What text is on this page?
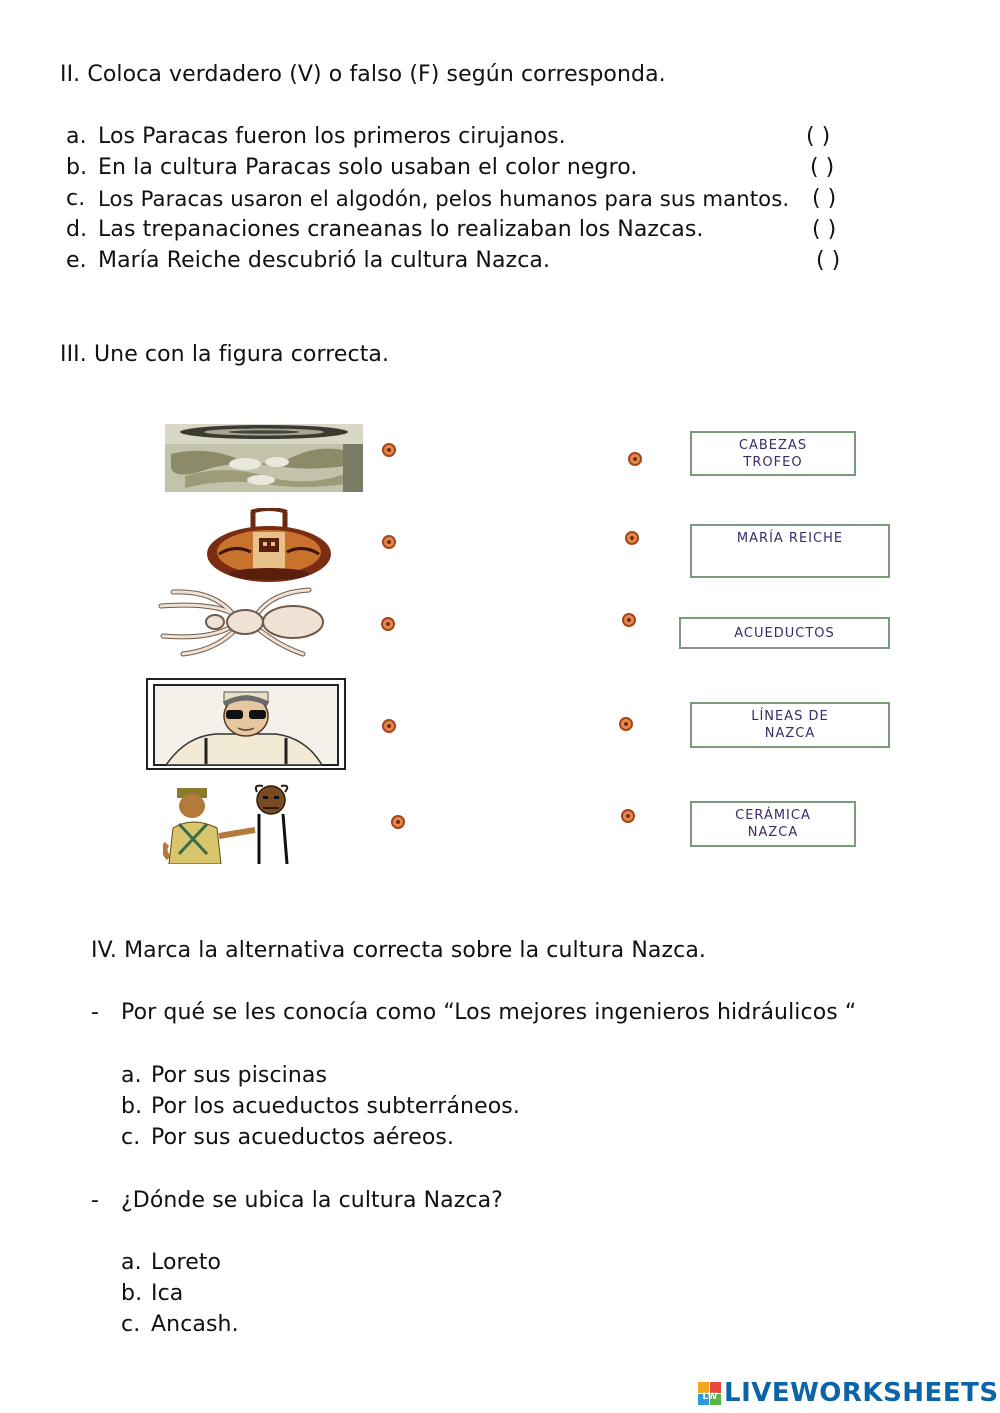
II. Coloca verdadero (V) o falso (F) según corresponda.
a. Los Paracas fueron los primeros cirujanos.	( )
b. En la cultura Paracas solo usaban el color negro.	( )
c. Los Paracas usaron el algodón, pelos humanos para sus mantos. ( )
d. Las trepanaciones craneanas lo realizaban los Nazcas.	( )
e. María Reiche descubrió la cultura Nazca.	( )
III. Une con la figura correcta.
CABEZAS
TROFEO
MARÍA REICHE
ACUEDUCTOS
LÍNEAS DE
NAZCA
CERÁMICA
NAZCA
IV. Marca la alternativa correcta sobre la cultura Nazca.
- Por qué se les conocía como “Los mejores ingenieros hidráulicos “
a. Por sus piscinas
b. Por los acueductos subterráneos.
c. Por sus acueductos aéreos.
- ¿Dónde se ubica la cultura Nazca?
a. Loreto
b. Ica
c. Ancash.
LW LIVEWORKSHEETS
